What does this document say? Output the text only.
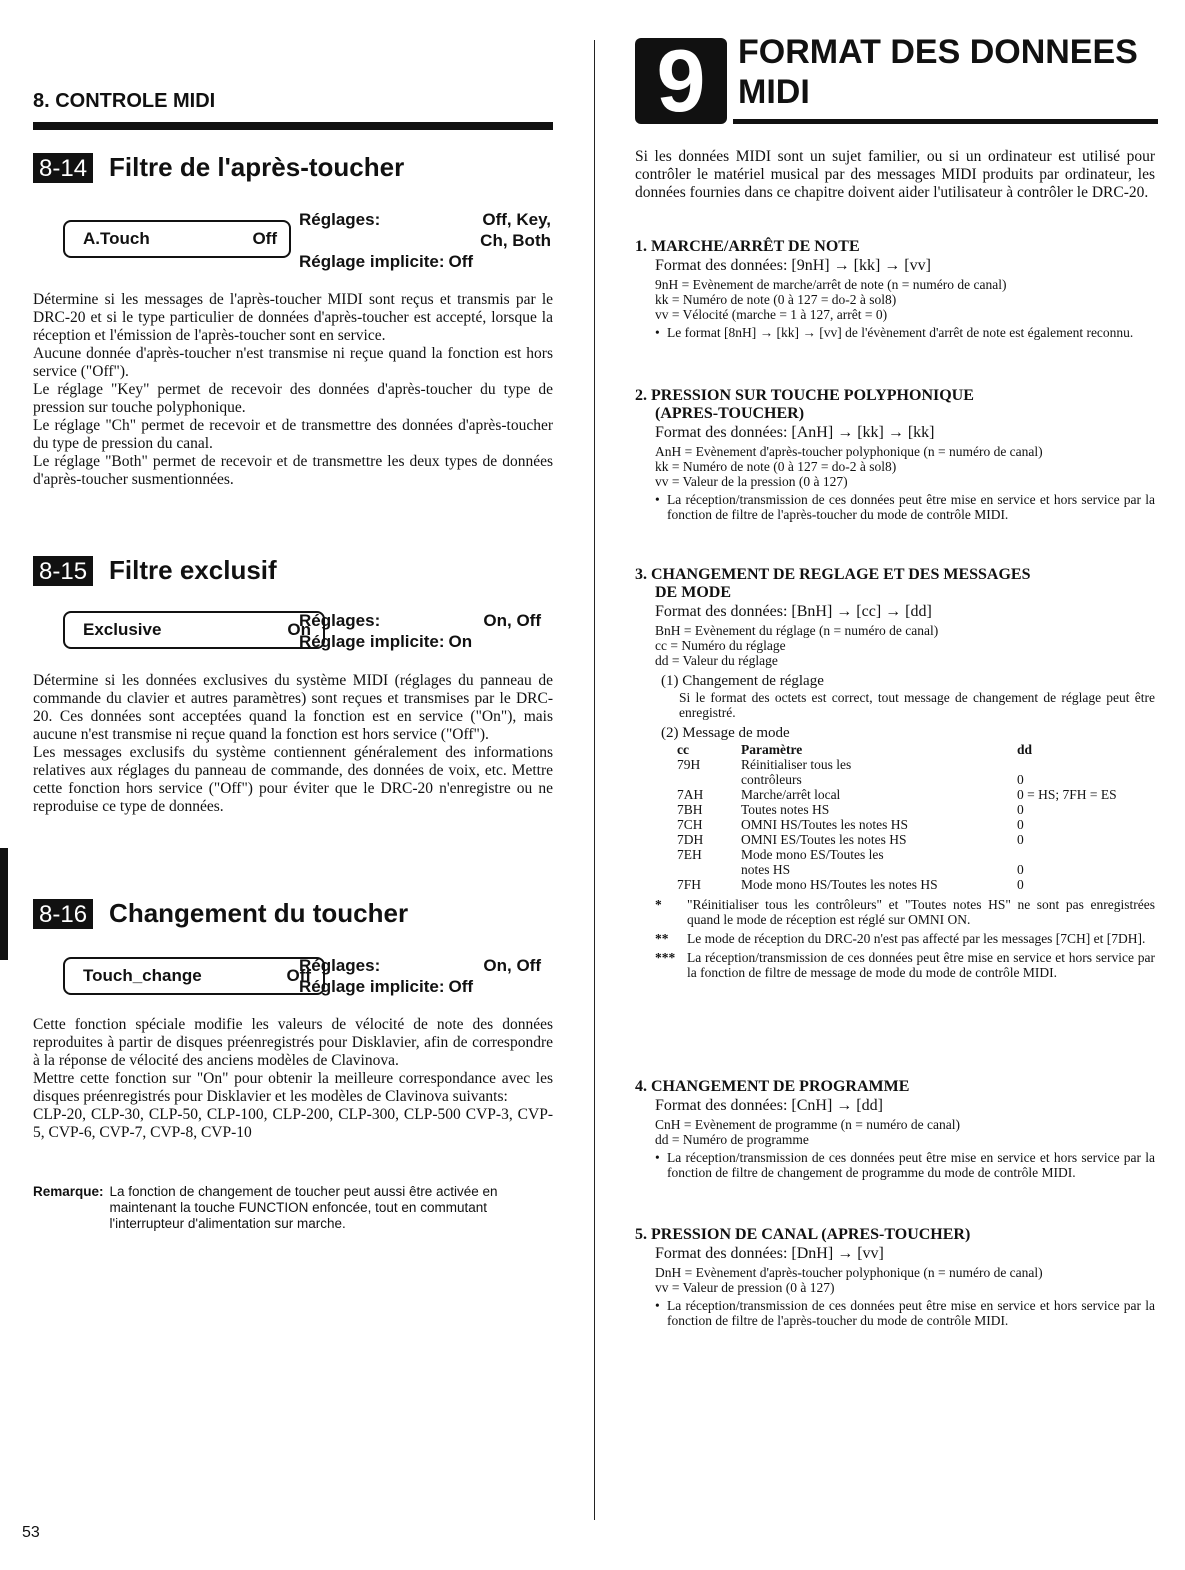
8. CONTROLE MIDI
8-14 Filtre de l'après-toucher
A.Touch	Off
Réglages:	Off, Key,
Ch, Both
Réglage implicite: Off

Détermine si les messages de l'après-toucher MIDI sont reçus et transmis par le DRC-20 et si le type particulier de données d'après-toucher est accepté, lorsque la réception et l'émission de l'après-toucher sont en service.

Aucune donnée d'après-toucher n'est transmise ni reçue quand la fonction est hors service ("Off").

Le réglage "Key" permet de recevoir des données d'après-toucher du type de pression sur touche polyphonique.

Le réglage "Ch" permet de recevoir et de transmettre des données d'après-toucher du type de pression du canal.

Le réglage "Both" permet de recevoir et de transmettre les deux types de données d'après-toucher susmentionnées.

8-15 Filtre exclusif
Exclusive	On
Réglages:	On, Off
Réglage implicite: On

Détermine si les données exclusives du système MIDI (réglages du panneau de commande du clavier et autres paramètres) sont reçues et transmises par le DRC-20. Ces données sont acceptées quand la fonction est en service ("On"), mais aucune n'est transmise ni reçue quand la fonction est hors service ("Off").

Les messages exclusifs du système contiennent généralement des informations relatives aux réglages du panneau de commande, des données de voix, etc. Mettre cette fonction hors service ("Off") pour éviter que le DRC-20 n'enregistre ou ne reproduise ce type de données.

8-16 Changement du toucher
Touch_change	Off
Réglages:	On, Off
Réglage implicite: Off

Cette fonction spéciale modifie les valeurs de vélocité de note des données reproduites à partir de disques préenregistrés pour Disklavier, afin de correspondre à la réponse de vélocité des anciens modèles de Clavinova.

Mettre cette fonction sur "On" pour obtenir la meilleure correspondance avec les disques préenregistrés pour Disklavier et les modèles de Clavinova suivants:

CLP-20, CLP-30, CLP-50, CLP-100, CLP-200, CLP-300, CLP-500 CVP-3, CVP-5, CVP-6, CVP-7, CVP-8, CVP-10

Remarque: La fonction de changement de toucher peut aussi être activée en maintenant la touche FUNCTION enfoncée, tout en commutant l'interrupteur d'alimentation sur marche.
9 FORMAT DES DONNEES
MIDI
Si les données MIDI sont un sujet familier, ou si un ordinateur est utilisé pour contrôler le matériel musical par des messages MIDI produits par ordinateur, les données fournies dans ce chapitre doivent aider l'utilisateur à contrôler le DRC-20.
1. MARCHE/ARRÊT DE NOTE
Format des données: [9nH] → [kk] → [vv]
9nH = Evènement de marche/arrêt de note (n = numéro de canal)
kk = Numéro de note (0 à 127 = do-2 à sol8)
vv = Vélocité (marche = 1 à 127, arrêt = 0)
• Le format [8nH] → [kk] → [vv] de l'évènement d'arrêt de note est également reconnu.
2. PRESSION SUR TOUCHE POLYPHONIQUE
(APRES-TOUCHER)
Format des données: [AnH] → [kk] → [kk]
AnH = Evènement d'après-toucher polyphonique (n = numéro de canal)
kk = Numéro de note (0 à 127 = do-2 à sol8)
vv = Valeur de la pression (0 à 127)
• La réception/transmission de ces données peut être mise en service et hors service par la fonction de filtre de l'après-toucher du mode de contrôle MIDI.
3. CHANGEMENT DE REGLAGE ET DES MESSAGES
DE MODE
Format des données: [BnH] → [cc] → [dd]
BnH = Evènement du réglage (n = numéro de canal)
cc = Numéro du réglage
dd = Valeur du réglage
(1) Changement de réglage
Si le format des octets est correct, tout message de changement de réglage peut être enregistré.
(2) Message de mode
cc	Paramètre	dd
79H	Réinitialiser tous les	
	contrôleurs	0
7AH	Marche/arrêt local	0 = HS; 7FH = ES
7BH	Toutes notes HS	0
7CH	OMNI HS/Toutes les notes HS	0
7DH	OMNI ES/Toutes les notes HS	0
7EH	Mode mono ES/Toutes les	
	notes HS	0
7FH	Mode mono HS/Toutes les notes HS	0
*	"Réinitialiser tous les contrôleurs" et "Toutes notes HS" ne sont pas enregistrées quand le mode de réception est réglé sur OMNI ON.
**	Le mode de réception du DRC-20 n'est pas affecté par les messages [7CH] et [7DH].
*** La réception/transmission de ces données peut être mise en service et hors service par la fonction de filtre de message de mode du mode de contrôle MIDI.
4. CHANGEMENT DE PROGRAMME
Format des données: [CnH] → [dd]
CnH = Evènement de programme (n = numéro de canal)
dd = Numéro de programme
• La réception/transmission de ces données peut être mise en service et hors service par la fonction de filtre de changement de programme du mode de contrôle MIDI.
5. PRESSION DE CANAL (APRES-TOUCHER)
Format des données: [DnH] → [vv]
DnH = Evènement d'après-toucher polyphonique (n = numéro de canal)
vv = Valeur de pression (0 à 127)
• La réception/transmission de ces données peut être mise en service et hors service par la fonction de filtre de l'après-toucher du mode de contrôle MIDI.
53
